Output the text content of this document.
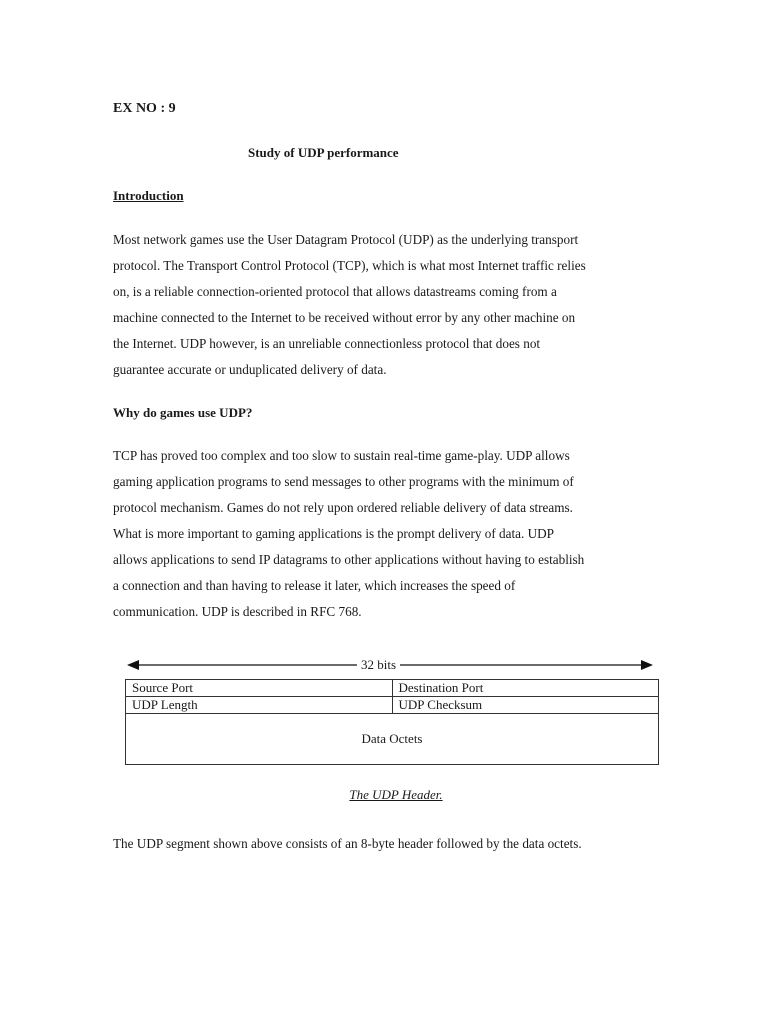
EX NO : 9
Study of UDP performance
Introduction
Most network games use the User Datagram Protocol (UDP) as the underlying transport
protocol. The Transport Control Protocol (TCP), which is what most Internet traffic relies
on, is a reliable connection-oriented protocol that allows datastreams coming from a
machine connected to the Internet to be received without error by any other machine on
the Internet. UDP however, is an unreliable connectionless protocol that does not
guarantee accurate or unduplicated delivery of data.
Why do games use UDP?
TCP has proved too complex and too slow to sustain real-time game-play. UDP allows
gaming application programs to send messages to other programs with the minimum of
protocol mechanism. Games do not rely upon ordered reliable delivery of data streams.
What is more important to gaming applications is the prompt delivery of data. UDP
allows applications to send IP datagrams to other applications without having to establish
a connection and than having to release it later, which increases the speed of
communication. UDP is described in RFC 768.
32 bits
Source Port	Destination Port
UDP Length	UDP Checksum
Data Octets	
The UDP Header.
The UDP segment shown above consists of an 8-byte header followed by the data octets.
